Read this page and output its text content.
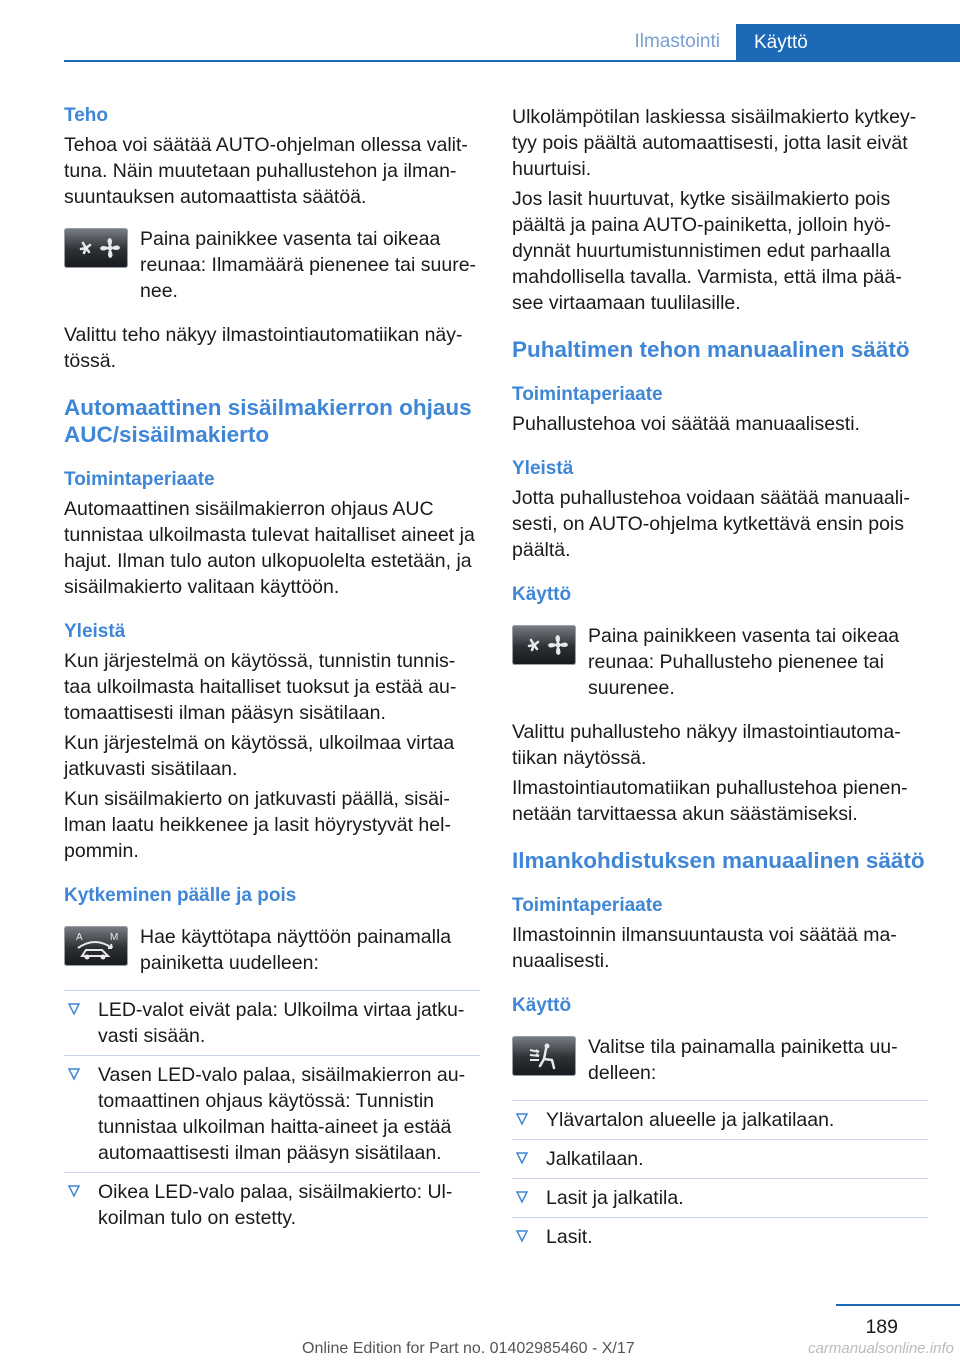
Ilmastointi	Käyttö
Teho

Tehoa voi säätää AUTO-ohjelman ollessa valit‐tuna. Näin muutetaan puhallustehon ja ilman‐suuntauksen automaattista säätöä.

Paina painikkee vasenta tai oikeaa reunaa: Ilmamäärä pienenee tai suure‐nee.

Valittu teho näkyy ilmastointiautomatiikan näy‐tössä.

Automaattinen sisäilmakierron ohjaus AUC/sisäilmakierto
Toimintaperiaate

Automaattinen sisäilmakierron ohjaus AUC tunnistaa ulkoilmasta tulevat haitalliset aineet ja hajut. Ilman tulo auton ulkopuolelta estetään, ja sisäilmakierto valitaan käyttöön.

Yleistä

Kun järjestelmä on käytössä, tunnistin tunnis‐taa ulkoilmasta haitalliset tuoksut ja estää au‐tomaattisesti ilman pääsyn sisätilaan.

Kun järjestelmä on käytössä, ulkoilmaa virtaa jatkuvasti sisätilaan.

Kun sisäilmakierto on jatkuvasti päällä, sisäi‐lman laatu heikkenee ja lasit höyrystyvät hel‐pommin.

Kytkeminen päälle ja pois
A	M Hae käyttötapa näyttöön painamalla painiketta uudelleen:
LED-valot eivät pala: Ulkoilma virtaa jatku‐vasti sisään.
Vasen LED-valo palaa, sisäilmakierron au‐tomaattinen ohjaus käytössä: Tunnistin tunnistaa ulkoilman haitta-aineet ja estää automaattisesti ilman pääsyn sisätilaan.
Oikea LED-valo palaa, sisäilmakierto: Ul‐koilman tulo on estetty.

Ulkolämpötilan laskiessa sisäilmakierto kytkey‐tyy pois päältä automaattisesti, jotta lasit eivät huurtuisi.

Jos lasit huurtuvat, kytke sisäilmakierto pois päältä ja paina AUTO-painiketta, jolloin hyö‐dynnät huurtumistunnistimen edut parhaalla mahdollisella tavalla. Varmista, että ilma pää‐see virtaamaan tuulilasille.

Puhaltimen tehon manuaalinen säätö
Toimintaperiaate

Puhallustehoa voi säätää manuaalisesti.

Yleistä

Jotta puhallustehoa voidaan säätää manuaali‐sesti, on AUTO-ohjelma kytkettävä ensin pois päältä.

Käyttö
Paina painikkeen vasenta tai oikeaa reunaa: Puhallusteho pienenee tai suurenee.

Valittu puhallusteho näkyy ilmastointiautoma‐tiikan näytössä.

Ilmastointiautomatiikan puhallustehoa pienen‐netään tarvittaessa akun säästämiseksi.

Ilmankohdistuksen manuaalinen säätö
Toimintaperiaate

Ilmastoinnin ilmansuuntausta voi säätää ma‐nuaalisesti.

Käyttö
Valitse tila painamalla painiketta uu‐delleen:
Ylävartalon alueelle ja jalkatilaan.
Jalkatilaan.
Lasit ja jalkatila.
Lasit.
189
Online Edition for Part no. 01402985460 - X/17	carmanualsonline.info
